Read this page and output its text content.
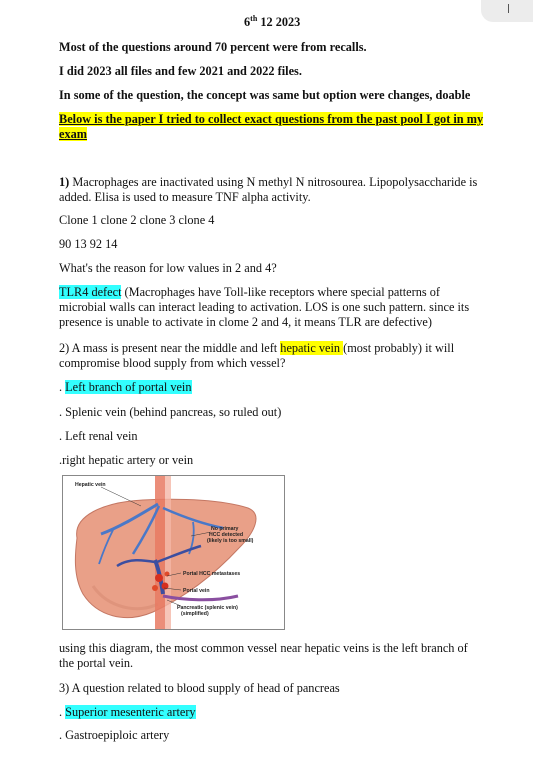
6th 12 2023
Most of the questions around 70 percent were from recalls.
I did 2023 all files and few 2021 and 2022 files.
In some of the question, the concept was same but option were changes, doable
Below is the paper I tried to collect exact questions from the past pool I got in my
exam
1) Macrophages are inactivated using N methyl N nitrosourea. Lipopolysaccharide is
added. Elisa is used to measure TNF alpha activity.
Clone 1 clone 2 clone 3 clone 4
90 13 92 14
What's the reason for low values in 2 and 4?
TLR4 defect (Macrophages have Toll-like receptors where special patterns of
microbial walls can interact leading to activation. LOS is one such pattern. since its
presence is unable to activate in clome 2 and 4, it means TLR are defective)
2) A mass is present near the middle and left hepatic vein (most probably) it will
compromise blood supply from which vessel?
. Left branch of portal vein
. Splenic vein (behind pancreas, so ruled out)
. Left renal vein
.right hepatic artery or vein
Hepatic vein
No primary
HCC detected
(likely is too small)
Portal HCC metastases
Portal vein
Pancreatic (splenic vein)
(simplified)
using this diagram, the most common vessel near hepatic veins is the left branch of
the portal vein.
3) A question related to blood supply of head of pancreas
. Superior mesenteric artery
. Gastroepiploic artery
